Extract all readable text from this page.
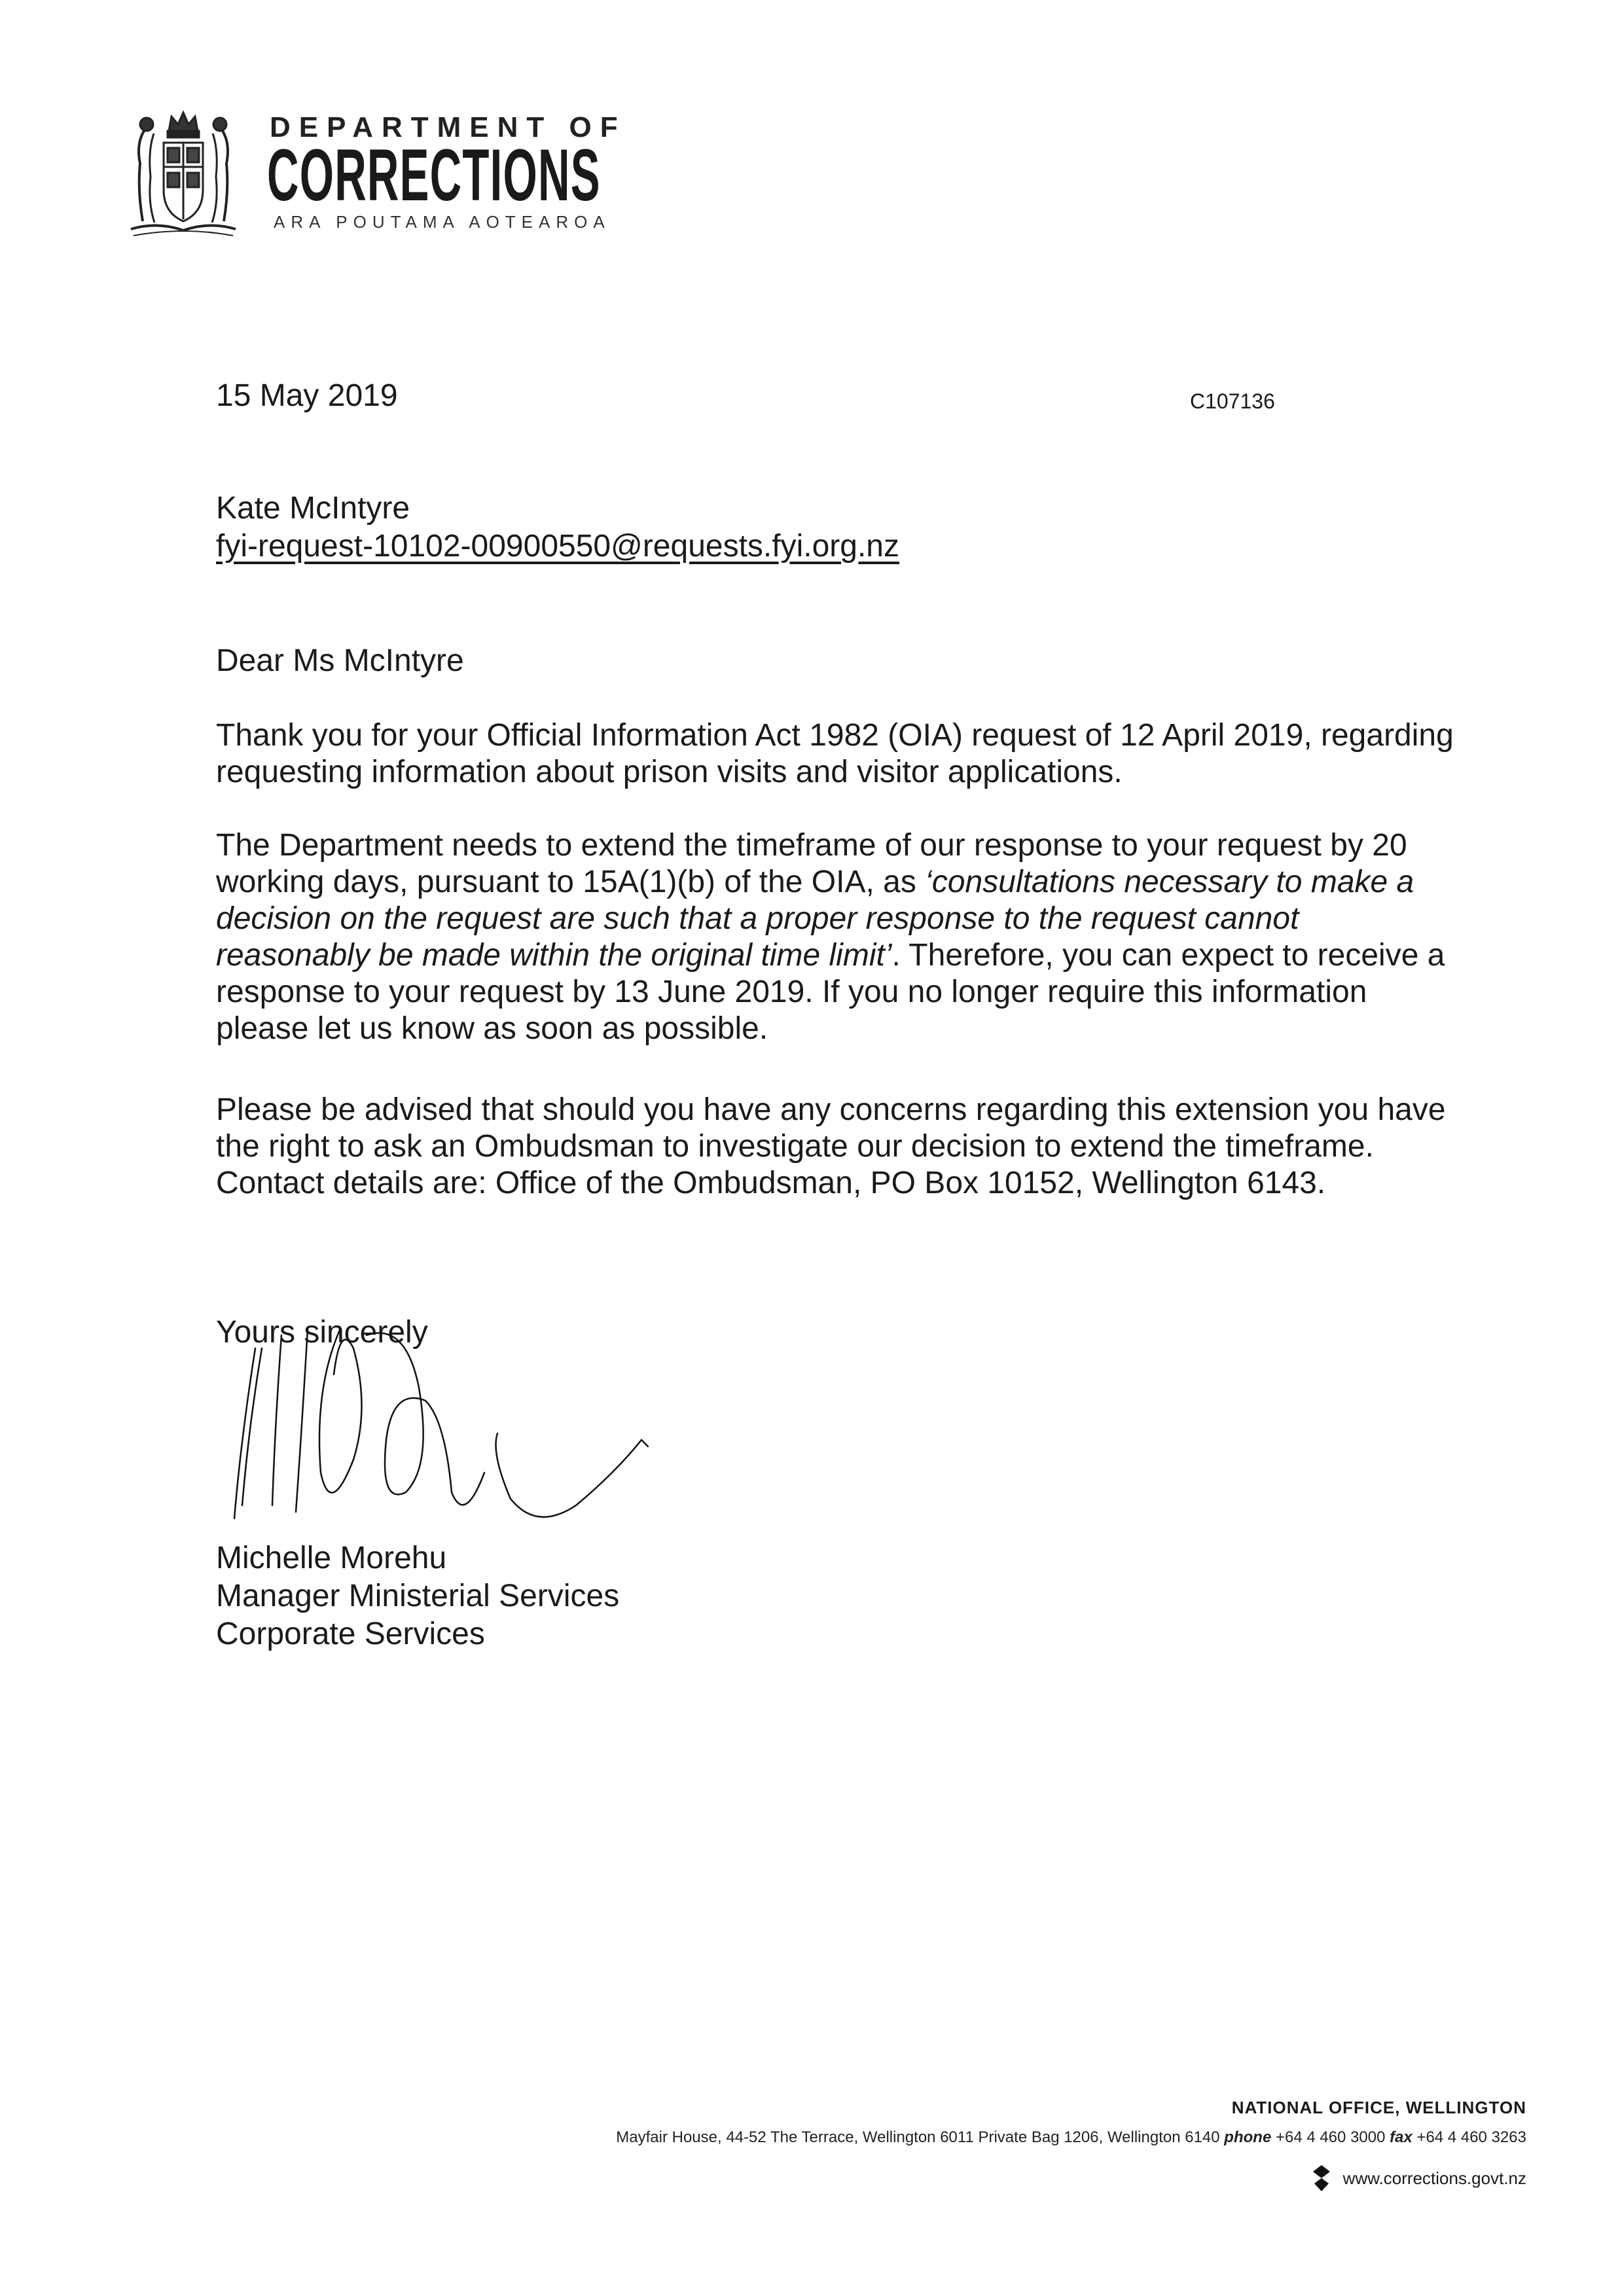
DEPARTMENT OF
CORRECTIONS
ARA POUTAMA AOTEAROA
15 May 2019	C107136
Kate McIntyre
fyi-request-10102-00900550@requests.fyi.org.nz
Dear Ms McIntyre

Thank you for your Official Information Act 1982 (OIA) request of 12 April 2019, regarding requesting information about prison visits and visitor applications.

The Department needs to extend the timeframe of our response to your request by 20 working days, pursuant to 15A(1)(b) of the OIA, as ‘consultations necessary to make a decision on the request are such that a proper response to the request cannot reasonably be made within the original time limit’. Therefore, you can expect to receive a response to your request by 13 June 2019. If you no longer require this information please let us know as soon as possible.

Please be advised that should you have any concerns regarding this extension you have the right to ask an Ombudsman to investigate our decision to extend the timeframe. Contact details are: Office of the Ombudsman, PO Box 10152, Wellington 6143.

Yours sincerely
Michelle Morehu
Manager Ministerial Services
Corporate Services
NATIONAL OFFICE, WELLINGTON
Mayfair House, 44-52 The Terrace, Wellington 6011 Private Bag 1206, Wellington 6140 phone +64 4 460 3000 fax +64 4 460 3263
www.corrections.govt.nz
